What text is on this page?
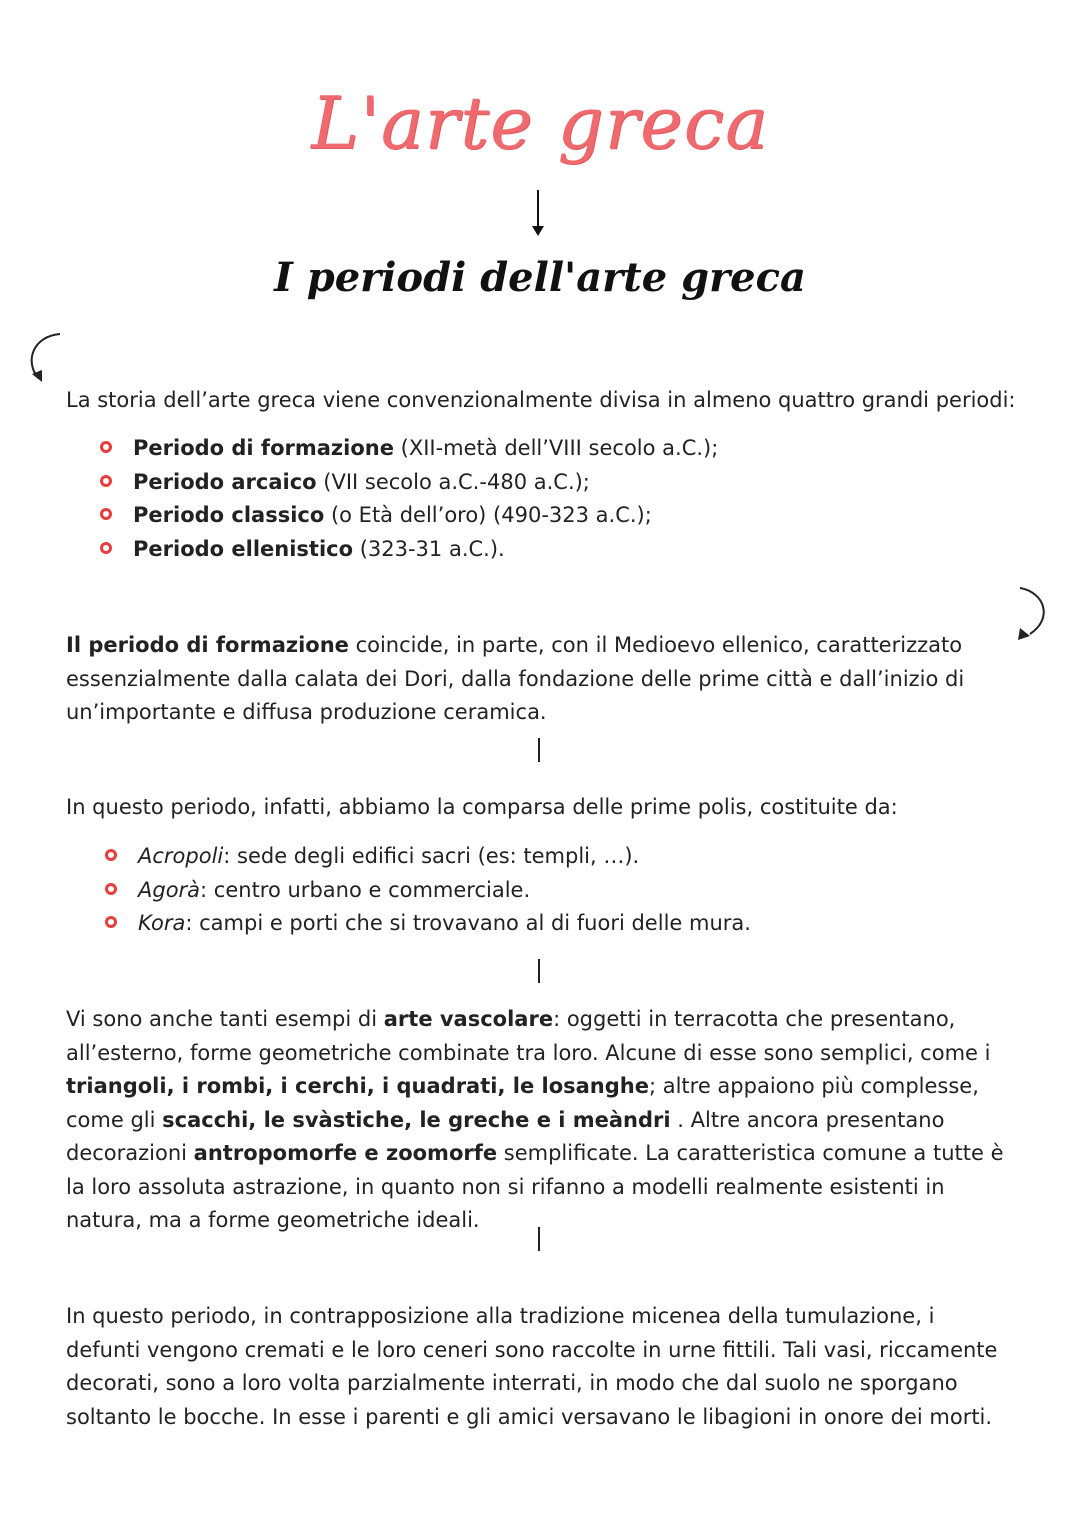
L'arte greca
I periodi dell'arte greca

La storia dell’arte greca viene convenzionalmente divisa in almeno quattro grandi periodi:

Periodo di formazione (XII-metà dell’VIII secolo a.C.);
Periodo arcaico (VII secolo a.C.-480 a.C.);
Periodo classico (o Età dell’oro) (490-323 a.C.);
Periodo ellenistico (323-31 a.C.).

Il periodo di formazione coincide, in parte, con il Medioevo ellenico, caratterizzato essenzialmente dalla calata dei Dori, dalla fondazione delle prime città e dall’inizio di un’importante e diffusa produzione ceramica.

In questo periodo, infatti, abbiamo la comparsa delle prime polis, costituite da:

Acropoli: sede degli edifici sacri (es: templi, …).
Agorà: centro urbano e commerciale.
Kora: campi e porti che si trovavano al di fuori delle mura.

Vi sono anche tanti esempi di arte vascolare: oggetti in terracotta che presentano, all’esterno, forme geometriche combinate tra loro. Alcune di esse sono semplici, come i triangoli, i rombi, i cerchi, i quadrati, le losanghe; altre appaiono più complesse, come gli scacchi, le svàstiche, le greche e i meàndri . Altre ancora presentano decorazioni antropomorfe e zoomorfe semplificate. La caratteristica comune a tutte è la loro assoluta astrazione, in quanto non si rifanno a modelli realmente esistenti in natura, ma a forme geometriche ideali.

In questo periodo, in contrapposizione alla tradizione micenea della tumulazione, i defunti vengono cremati e le loro ceneri sono raccolte in urne fittili. Tali vasi, riccamente decorati, sono a loro volta parzialmente interrati, in modo che dal suolo ne sporgano soltanto le bocche. In esse i parenti e gli amici versavano le libagioni in onore dei morti.
